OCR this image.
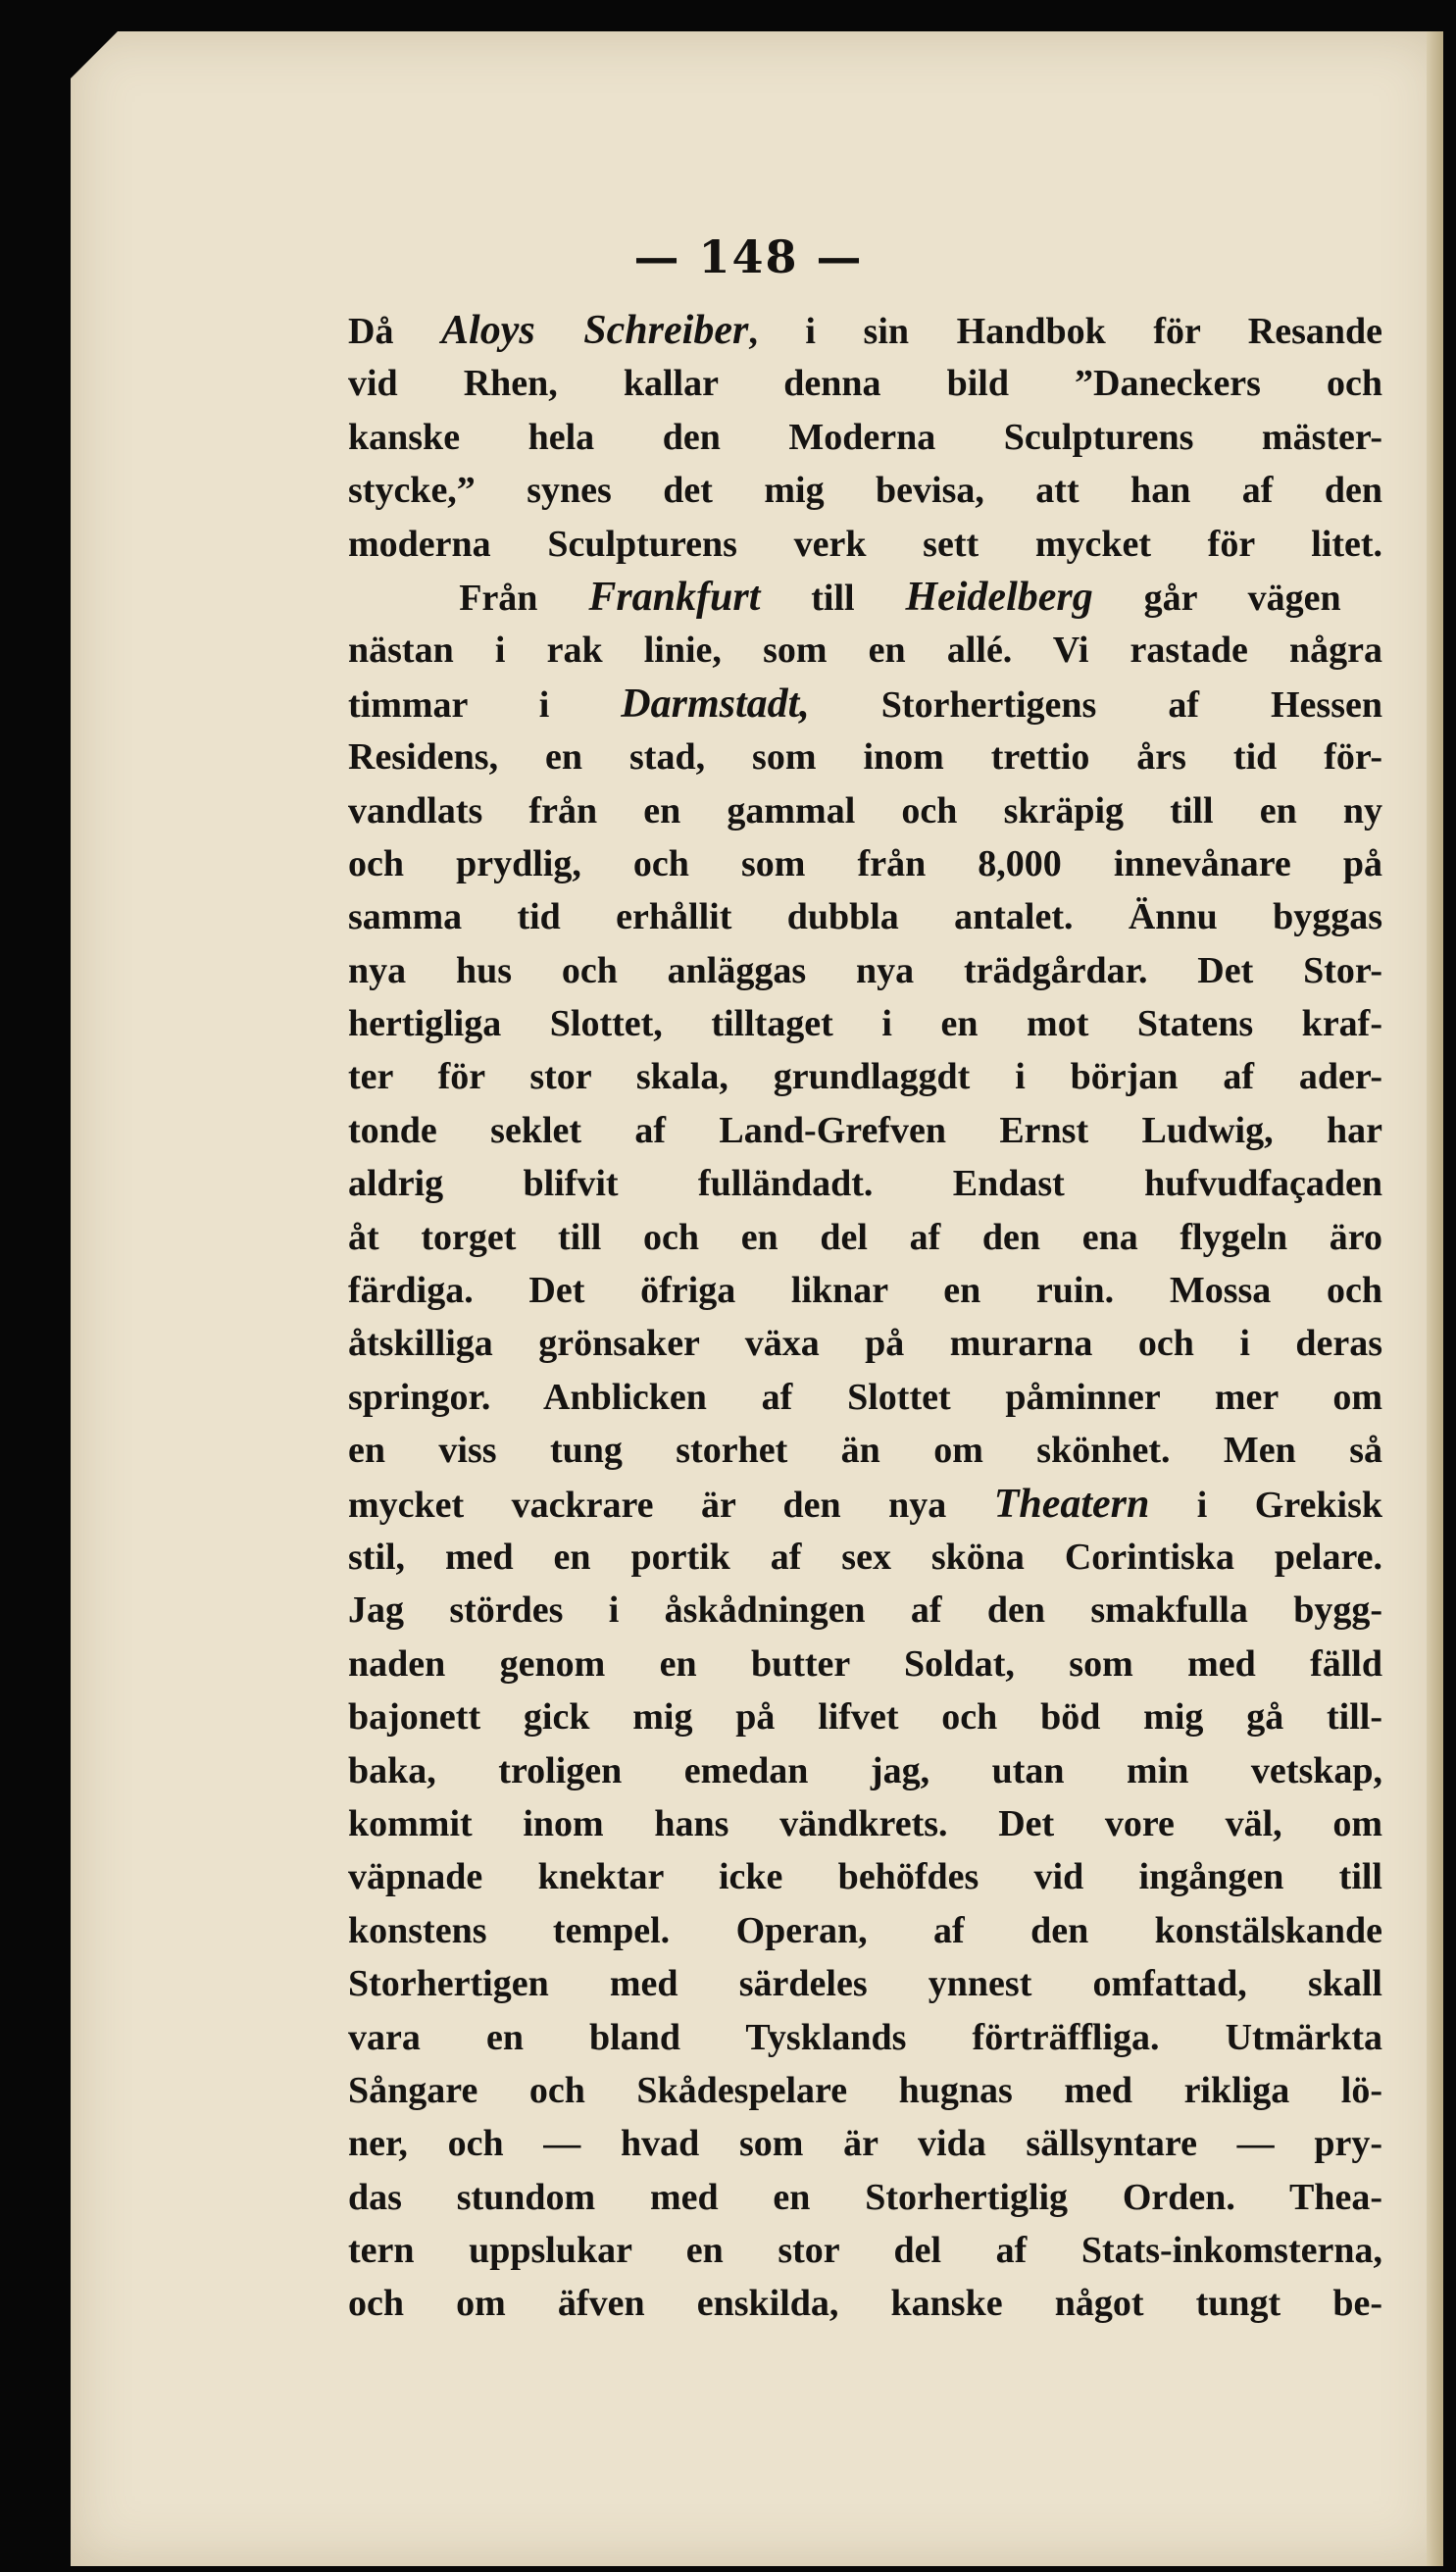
— 148 —
Då Aloys Schreiber, i sin Handbok för Resande
vid Rhen, kallar denna bild ”Daneckers och
kanske hela den Moderna Sculpturens mäster-
stycke,” synes det mig bevisa, att han af den
moderna Sculpturens verk sett mycket för litet.
Från Frankfurt till Heidelberg går vägen
nästan i rak linie, som en allé. Vi rastade några
timmar i Darmstadt, Storhertigens af Hessen
Residens, en stad, som inom trettio års tid för-
vandlats från en gammal och skräpig till en ny
och prydlig, och som från 8,000 innevånare på
samma tid erhållit dubbla antalet. Ännu byggas
nya hus och anläggas nya trädgårdar. Det Stor-
hertigliga Slottet, tilltaget i en mot Statens kraf-
ter för stor skala, grundlaggdt i början af ader-
tonde seklet af Land-Grefven Ernst Ludwig, har
aldrig blifvit fulländadt. Endast hufvudfaçaden
åt torget till och en del af den ena flygeln äro
färdiga. Det öfriga liknar en ruin. Mossa och
åtskilliga grönsaker växa på murarna och i deras
springor. Anblicken af Slottet påminner mer om
en viss tung storhet än om skönhet. Men så
mycket vackrare är den nya Theatern i Grekisk
stil, med en portik af sex sköna Corintiska pelare.
Jag stördes i åskådningen af den smakfulla bygg-
naden genom en butter Soldat, som med fälld
bajonett gick mig på lifvet och böd mig gå till-
baka, troligen emedan jag, utan min vetskap,
kommit inom hans vändkrets. Det vore väl, om
väpnade knektar icke behöfdes vid ingången till
konstens tempel. Operan, af den konstälskande
Storhertigen med särdeles ynnest omfattad, skall
vara en bland Tysklands förträffliga. Utmärkta
Sångare och Skådespelare hugnas med rikliga lö-
ner, och — hvad som är vida sällsyntare — pry-
das stundom med en Storhertiglig Orden. Thea-
tern uppslukar en stor del af Stats-inkomsterna,
och om äfven enskilda, kanske något tungt be-
